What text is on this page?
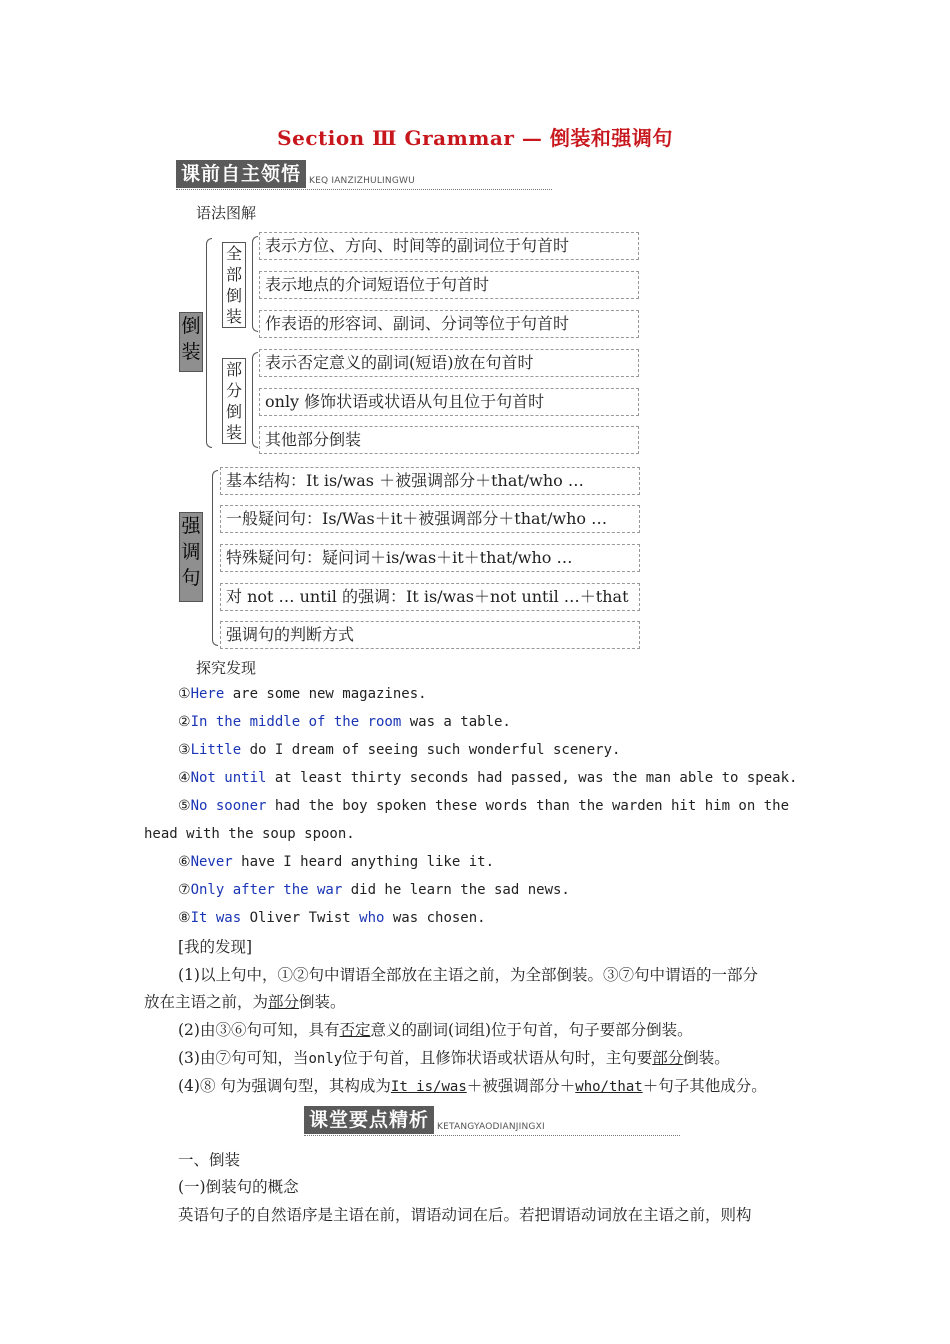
Section Ⅲ Grammar — 倒装和强调句
课前自主领悟 KEQ IANZIZHULINGWU
语法图解
倒装
全部倒装
表示方位、方向、时间等的副词位于句首时
表示地点的介词短语位于句首时
作表语的形容词、副词、分词等位于句首时
部分倒装
表示否定意义的副词(短语)放在句首时
only 修饰状语或状语从句且位于句首时
其他部分倒装
强调句
基本结构：It is/was ＋被强调部分＋that/who …
一般疑问句：Is/Was＋it＋被强调部分＋that/who …
特殊疑问句：疑问词＋is/was＋it＋that/who …
对 not … until 的强调：It is/was＋not until …＋that
强调句的判断方式
探究发现
①Here are some new magazines.
②In the middle of the room was a table.
③Little do I dream of seeing such wonderful scenery.
④Not until at least thirty seconds had passed, was the man able to speak.
⑤No sooner had the boy spoken these words than the warden hit him on the
head with the soup spoon.
⑥Never have I heard anything like it.
⑦Only after the war did he learn the sad news.
⑧It was Oliver Twist who was chosen.
[我的发现]
(1)以上句中，①②句中谓语全部放在主语之前，为全部倒装。③⑦句中谓语的一部分
放在主语之前，为部分倒装。
(2)由③⑥句可知，具有否定意义的副词(词组)位于句首，句子要部分倒装。
(3)由⑦句可知，当only位于句首，且修饰状语或状语从句时，主句要部分倒装。
(4)⑧ 句为强调句型，其构成为It is/was＋被强调部分＋who/that＋句子其他成分。
课堂要点精析 KETANGYAODIANJINGXI
一、倒装
(一)倒装句的概念
英语句子的自然语序是主语在前，谓语动词在后。若把谓语动词放在主语之前，则构
